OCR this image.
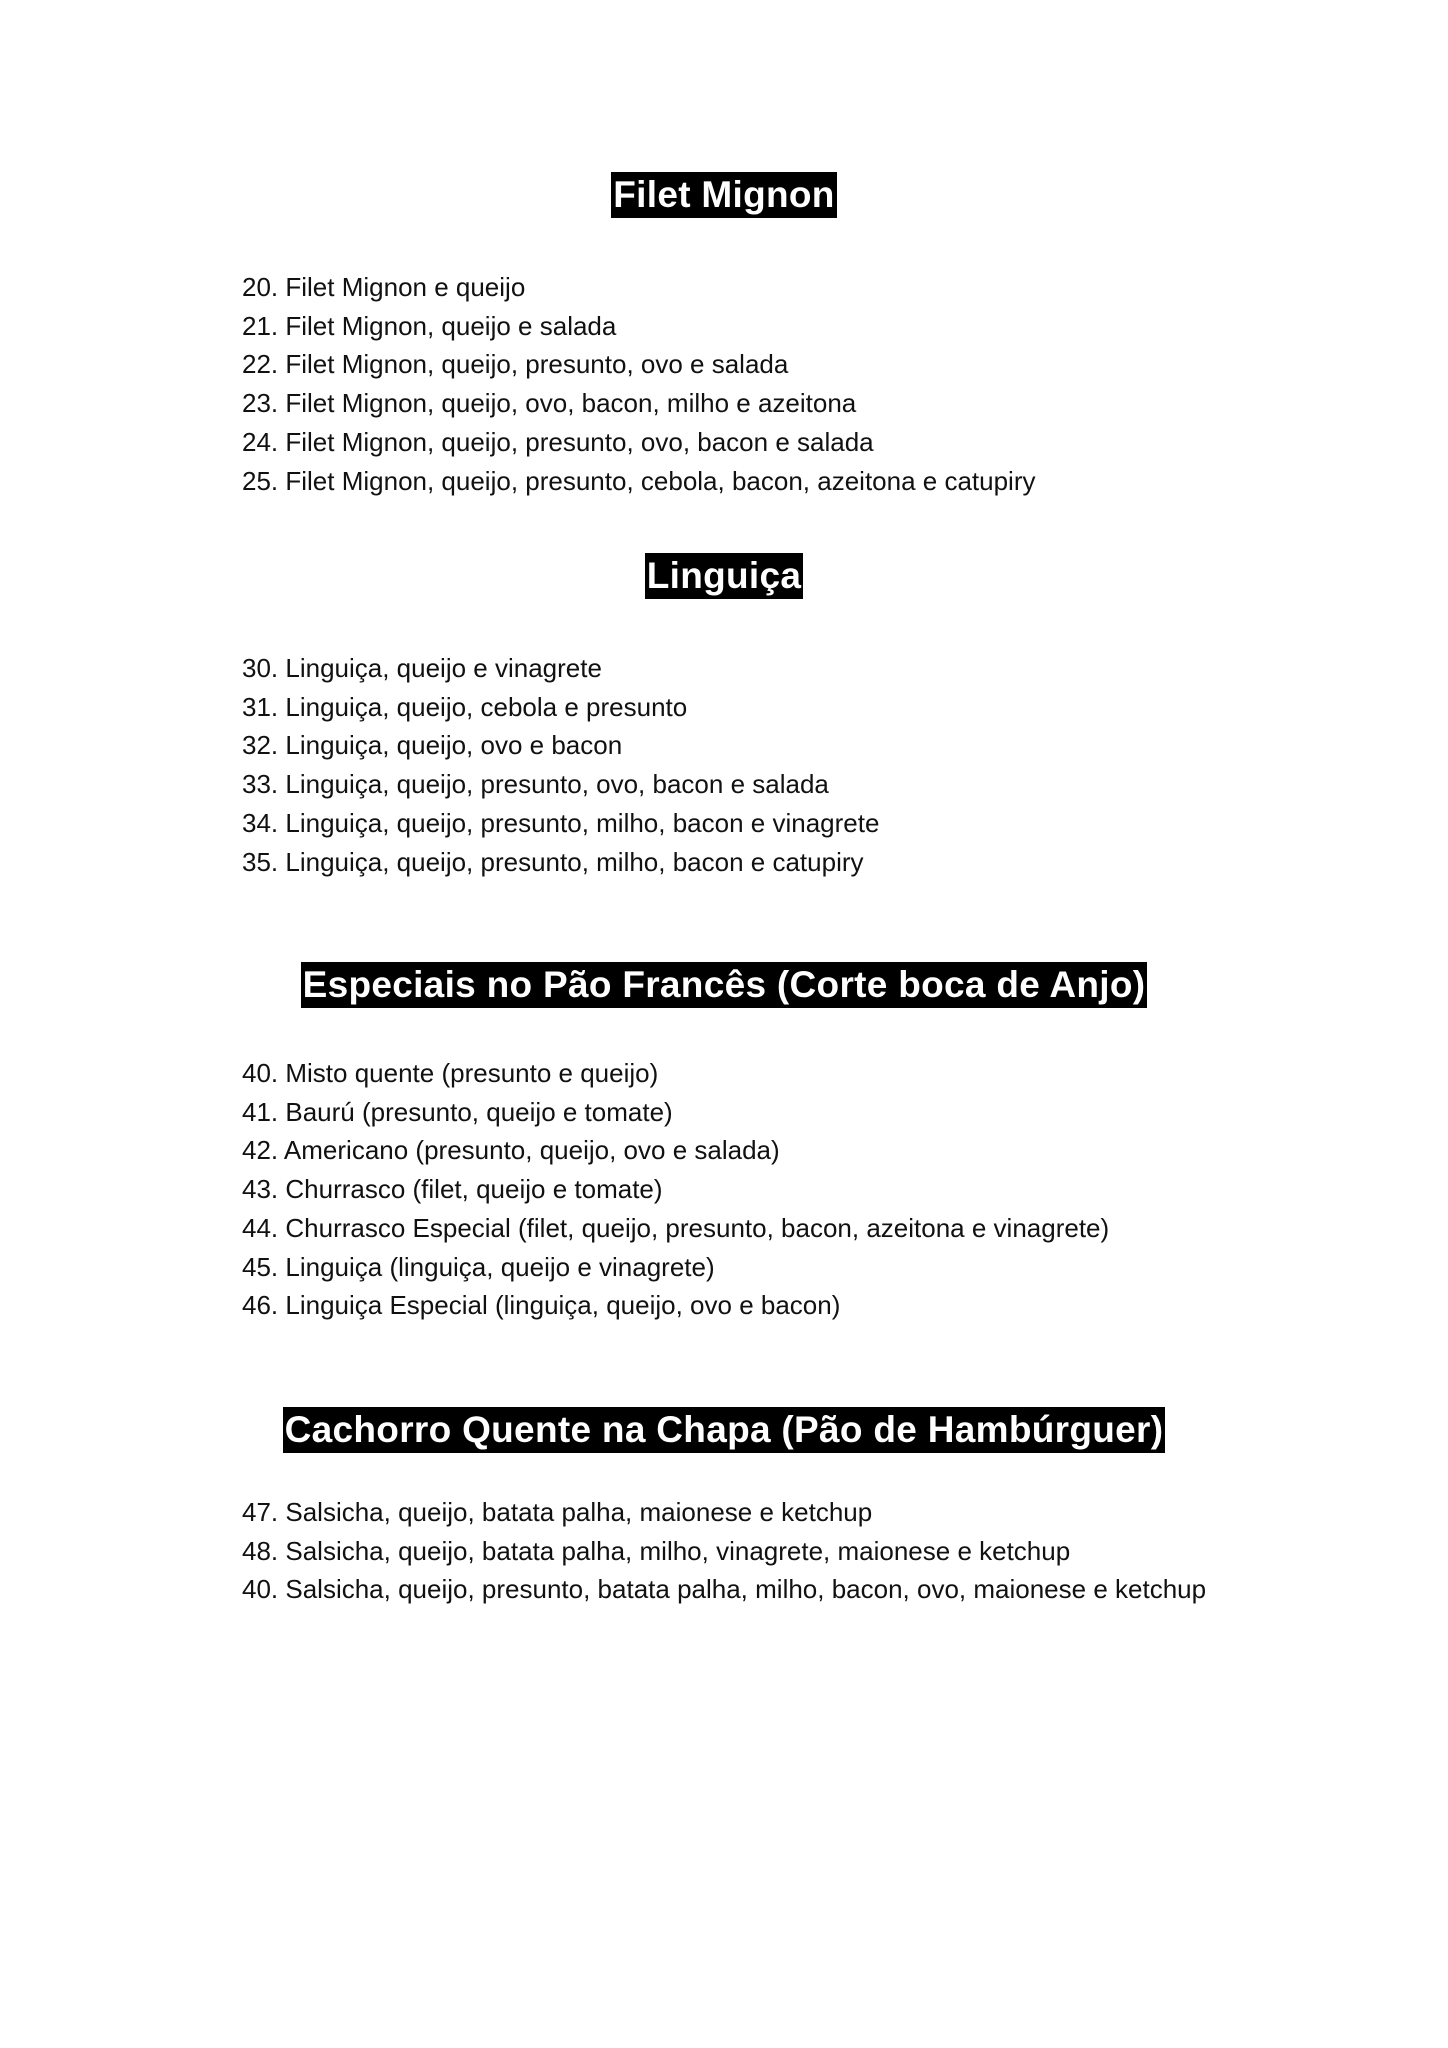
Filet Mignon
20. Filet Mignon e queijo
21. Filet Mignon, queijo e salada
22. Filet Mignon, queijo, presunto, ovo e salada
23. Filet Mignon, queijo, ovo, bacon, milho e azeitona
24. Filet Mignon, queijo, presunto, ovo, bacon e salada
25. Filet Mignon, queijo, presunto, cebola, bacon, azeitona e catupiry
Linguiça
30. Linguiça, queijo e vinagrete
31. Linguiça, queijo, cebola e presunto
32. Linguiça, queijo, ovo e bacon
33. Linguiça, queijo, presunto, ovo, bacon e salada
34. Linguiça, queijo, presunto, milho, bacon e vinagrete
35. Linguiça, queijo, presunto, milho, bacon e catupiry
Especiais no Pão Francês (Corte boca de Anjo)
40. Misto quente (presunto e queijo)
41. Baurú (presunto, queijo e tomate)
42. Americano (presunto, queijo, ovo e salada)
43. Churrasco (filet, queijo e tomate)
44. Churrasco Especial (filet, queijo, presunto, bacon, azeitona e vinagrete)
45. Linguiça (linguiça, queijo e vinagrete)
46. Linguiça Especial (linguiça, queijo, ovo e bacon)
Cachorro Quente na Chapa (Pão de Hambúrguer)
47. Salsicha, queijo, batata palha, maionese e ketchup
48. Salsicha, queijo, batata palha, milho, vinagrete, maionese e ketchup
40. Salsicha, queijo, presunto, batata palha, milho, bacon, ovo, maionese e ketchup
